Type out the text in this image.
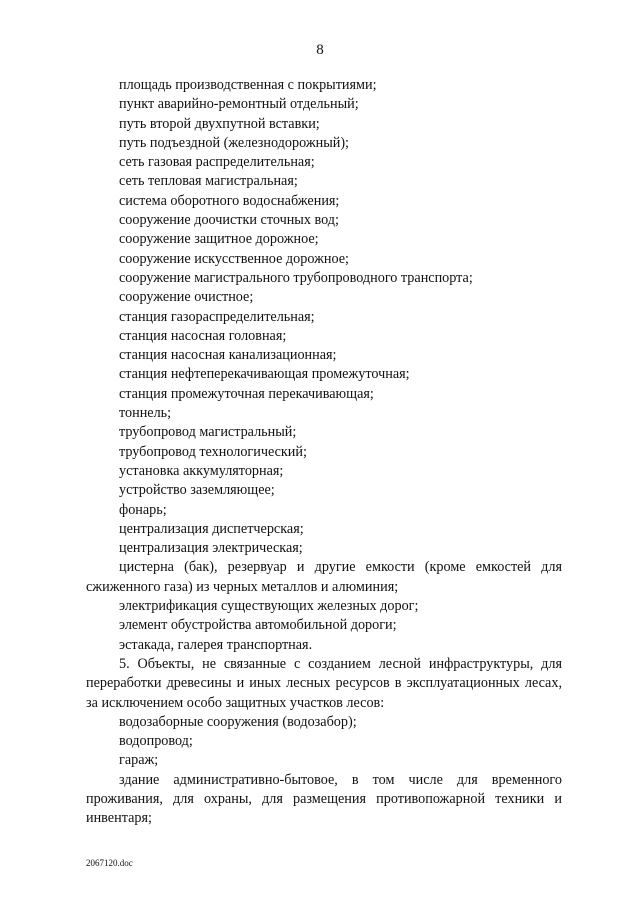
8

площадь производственная с покрытиями;

пункт аварийно-ремонтный отдельный;

путь второй двухпутной вставки;

путь подъездной (железнодорожный);

сеть газовая распределительная;

сеть тепловая магистральная;

система оборотного водоснабжения;

сооружение доочистки сточных вод;

сооружение защитное дорожное;

сооружение искусственное дорожное;

сооружение магистрального трубопроводного транспорта;

сооружение очистное;

станция газораспределительная;

станция насосная головная;

станция насосная канализационная;

станция нефтеперекачивающая промежуточная;

станция промежуточная перекачивающая;

тоннель;

трубопровод магистральный;

трубопровод технологический;

установка аккумуляторная;

устройство заземляющее;

фонарь;

централизация диспетчерская;

централизация электрическая;

цистерна (бак), резервуар и другие емкости (кроме емкостей для сжиженного газа) из черных металлов и алюминия;

электрификация существующих железных дорог;

элемент обустройства автомобильной дороги;

эстакада, галерея транспортная.

5. Объекты, не связанные с созданием лесной инфраструктуры, для переработки древесины и иных лесных ресурсов в эксплуатационных лесах, за исключением особо защитных участков лесов:

водозаборные сооружения (водозабор);

водопровод;

гараж;

здание административно-бытовое, в том числе для временного проживания, для охраны, для размещения противопожарной техники и инвентаря;

2067120.doc
